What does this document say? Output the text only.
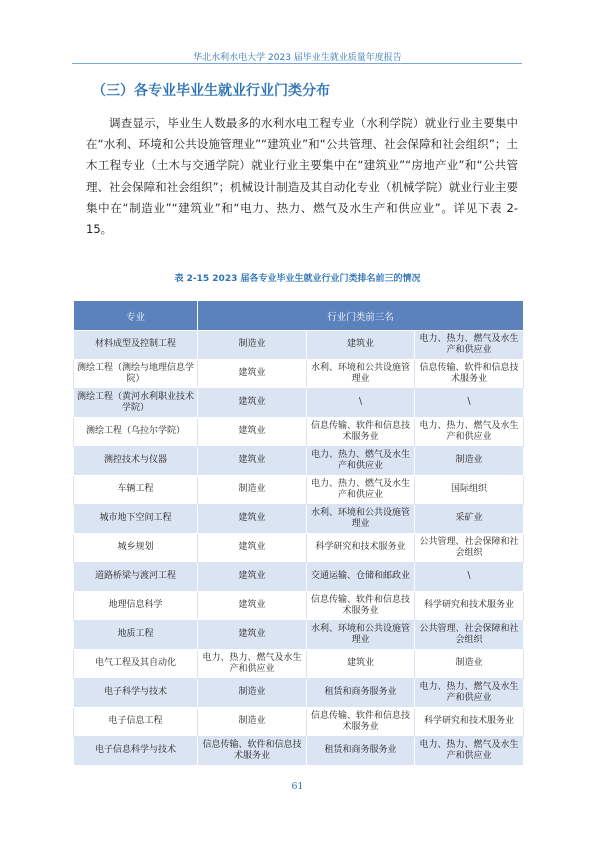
华北水利水电大学 2023 届毕业生就业质量年度报告
（三）各专业毕业生就业行业门类分布

调查显示，毕业生人数最多的水利水电工程专业（水利学院）就业行业主要集中在“水利、环境和公共设施管理业”“建筑业”和“公共管理、社会保障和社会组织”；土木工程专业（土木与交通学院）就业行业主要集中在“建筑业”“房地产业”和“公共管理、社会保障和社会组织”；机械设计制造及其自动化专业（机械学院）就业行业主要集中在“制造业”“建筑业”和“电力、热力、燃气及水生产和供应业”。详见下表 2-15。

表 2-15 2023 届各专业毕业生就业行业门类排名前三的情况
专业	行业门类前三名		
材料成型及控制工程	制造业	建筑业	电力、热力、燃气及水生产和供应业
测绘工程（测绘与地理信息学院）	建筑业	水利、环境和公共设施管理业	信息传输、软件和信息技术服务业
测绘工程（黄河水利职业技术学院）	建筑业	\	\
测绘工程（乌拉尔学院）	建筑业	信息传输、软件和信息技术服务业	电力、热力、燃气及水生产和供应业
测控技术与仪器	建筑业	电力、热力、燃气及水生产和供应业	制造业
车辆工程	制造业	电力、热力、燃气及水生产和供应业	国际组织
城市地下空间工程	建筑业	水利、环境和公共设施管理业	采矿业
城乡规划	建筑业	科学研究和技术服务业	公共管理、社会保障和社会组织
道路桥梁与渡河工程	建筑业	交通运输、仓储和邮政业	\
地理信息科学	建筑业	信息传输、软件和信息技术服务业	科学研究和技术服务业
地质工程	建筑业	水利、环境和公共设施管理业	公共管理、社会保障和社会组织
电气工程及其自动化	电力、热力、燃气及水生产和供应业	建筑业	制造业
电子科学与技术	制造业	租赁和商务服务业	电力、热力、燃气及水生产和供应业
电子信息工程	制造业	信息传输、软件和信息技术服务业	科学研究和技术服务业
电子信息科学与技术	信息传输、软件和信息技术服务业	租赁和商务服务业	电力、热力、燃气及水生产和供应业
61
